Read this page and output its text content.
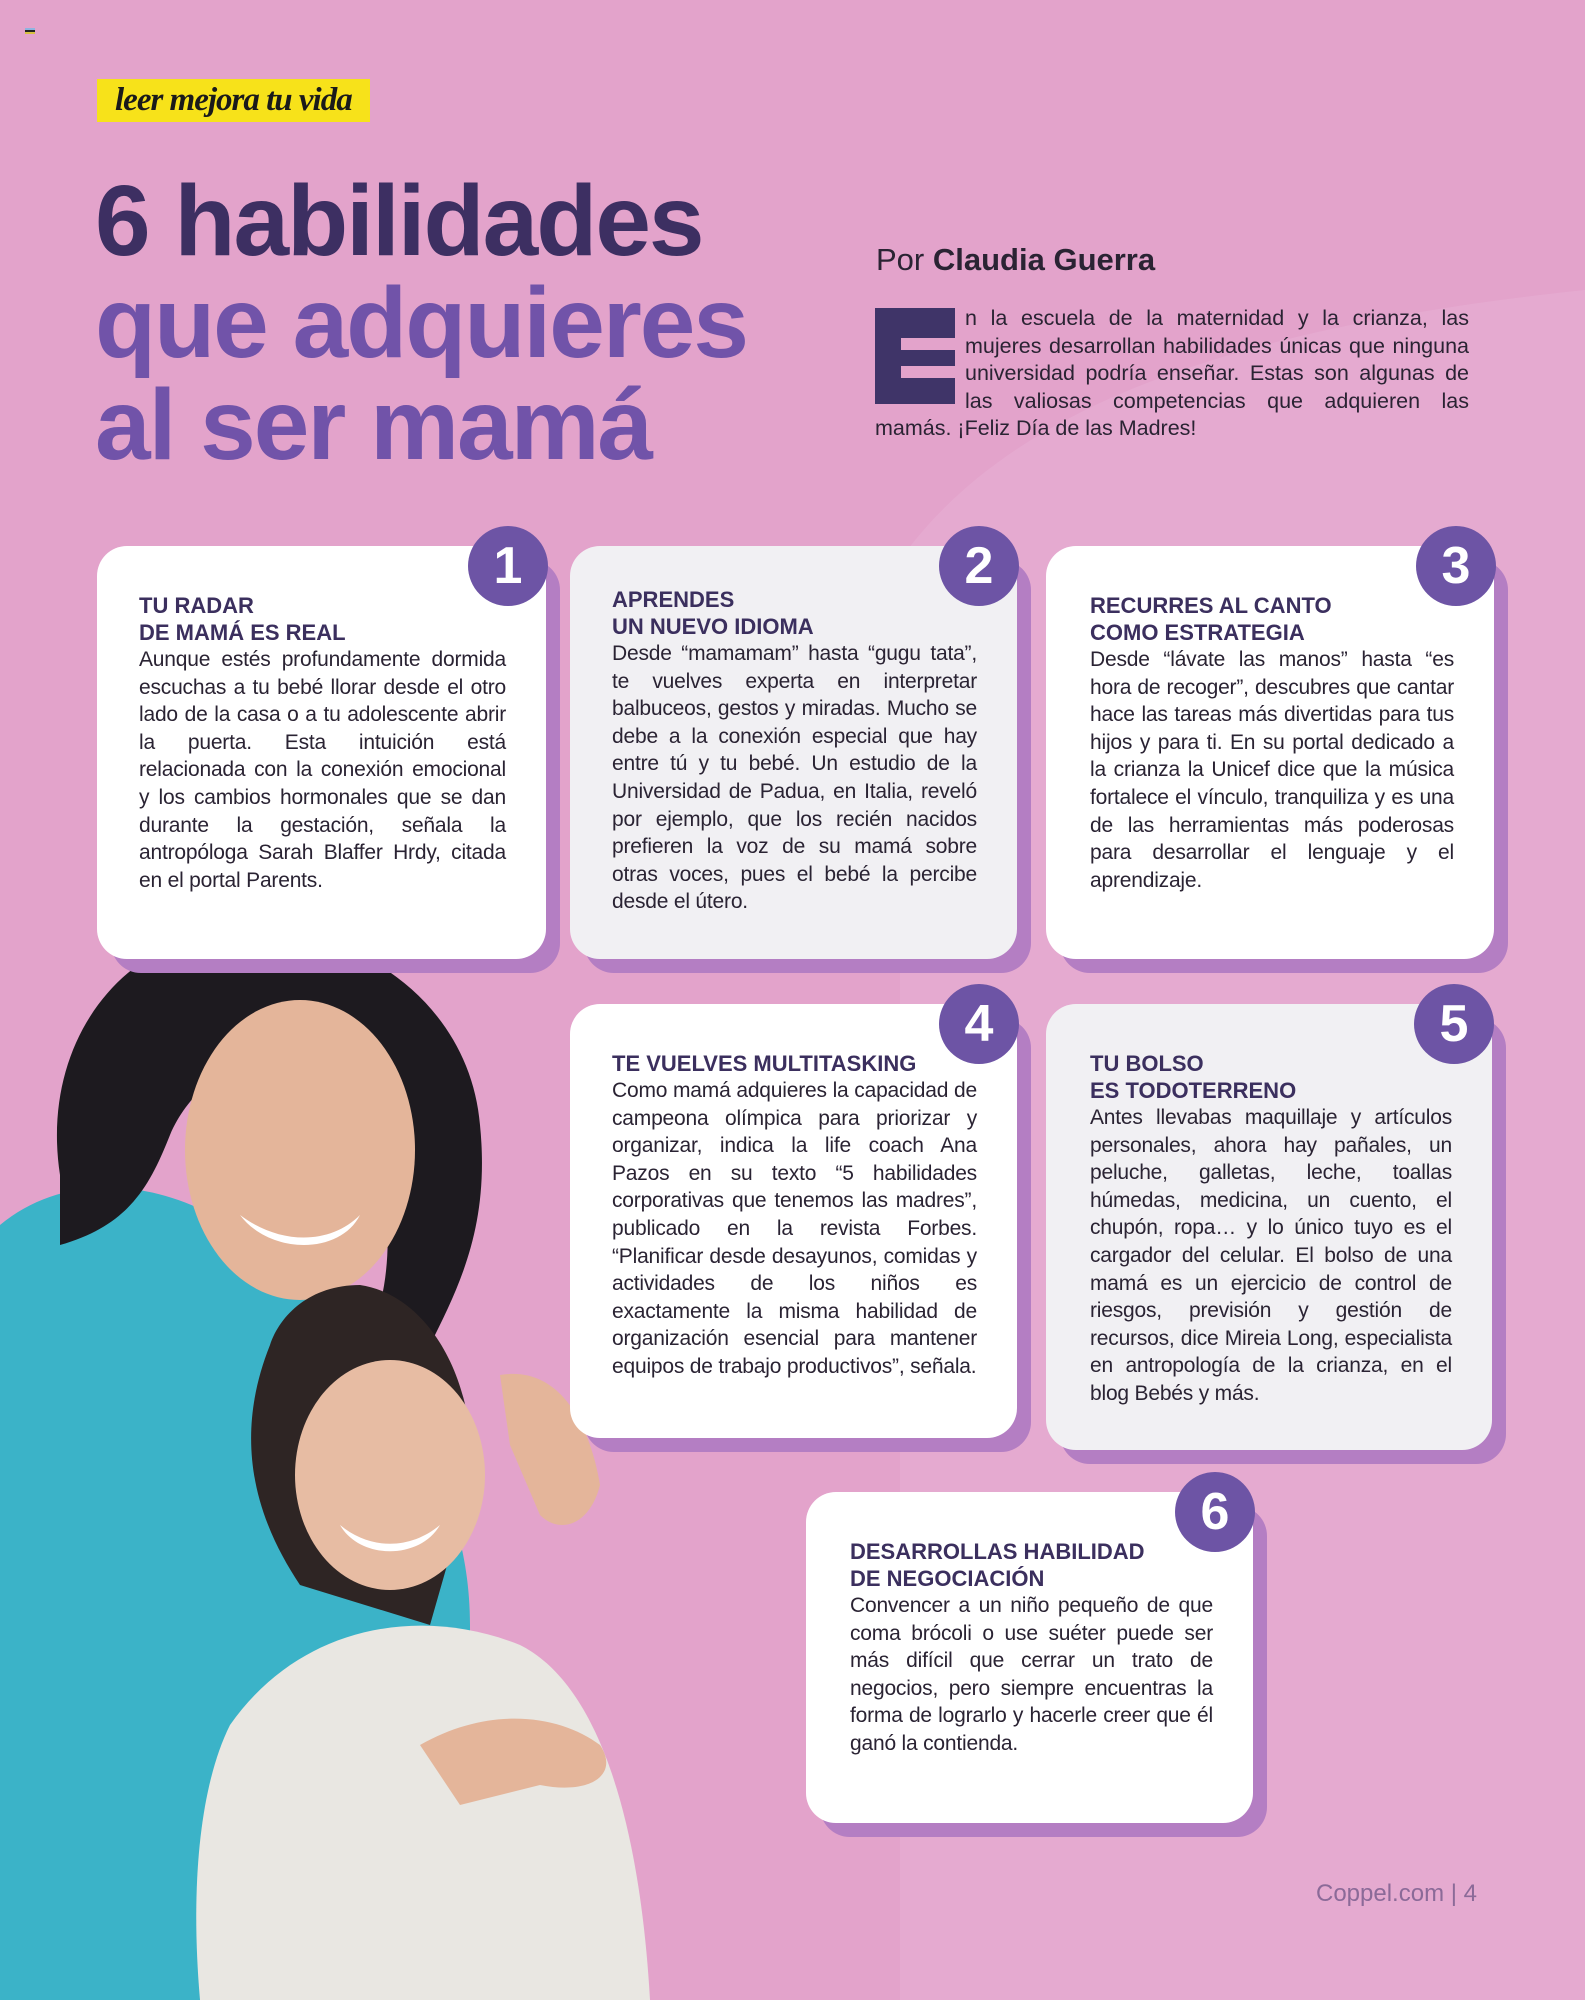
leer mejora tu vida
6 habilidades
que adquieres
al ser mamá
Por Claudia Guerra
n la escuela de la maternidad y la crianza, las mujeres desarrollan habilidades únicas que ninguna universidad podría enseñar. Estas son algunas de las valiosas competencias que adquieren las mamás. ¡Feliz Día de las Madres!
1
TU RADAR
DE MAMÁ ES REAL

Aunque estés profundamente dormida escuchas a tu bebé llorar desde el otro lado de la casa o a tu adolescente abrir la puerta. Esta intuición está relacionada con la conexión emocional y los cambios hormonales que se dan durante la gestación, señala la antropóloga Sarah Blaffer Hrdy, citada en el portal Parents.

2
APRENDES
UN NUEVO IDIOMA

Desde “mamamam” hasta “gugu tata”, te vuelves experta en interpretar balbuceos, gestos y miradas. Mucho se debe a la conexión especial que hay entre tú y tu bebé. Un estudio de la Universidad de Padua, en Italia, reveló por ejemplo, que los recién nacidos prefieren la voz de su mamá sobre otras voces, pues el bebé la percibe desde el útero.

3
RECURRES AL CANTO
COMO ESTRATEGIA

Desde “lávate las manos” hasta “es hora de recoger”, descubres que cantar hace las tareas más divertidas para tus hijos y para ti. En su portal dedicado a la crianza la Unicef dice que la música fortalece el vínculo, tranquiliza y es una de las herramientas más poderosas para desarrollar el lenguaje y el aprendizaje.

4
TE VUELVES MULTITASKING

Como mamá adquieres la capacidad de campeona olímpica para priorizar y organizar, indica la life coach Ana Pazos en su texto “5 habilidades corporativas que tenemos las madres”, publicado en la revista Forbes. “Planificar desde desayunos, comidas y actividades de los niños es exactamente la misma habilidad de organización esencial para mantener equipos de trabajo productivos”, señala.

5
TU BOLSO
ES TODOTERRENO

Antes llevabas maquillaje y artículos personales, ahora hay pañales, un peluche, galletas, leche, toallas húmedas, medicina, un cuento, el chupón, ropa… y lo único tuyo es el cargador del celular. El bolso de una mamá es un ejercicio de control de riesgos, previsión y gestión de recursos, dice Mireia Long, especialista en antropología de la crianza, en el blog Bebés y más.

6
DESARROLLAS HABILIDAD
DE NEGOCIACIÓN

Convencer a un niño pequeño de que coma brócoli o use suéter puede ser más difícil que cerrar un trato de negocios, pero siempre encuentras la forma de lograrlo y hacerle creer que él ganó la contienda.

Coppel.com | 4
